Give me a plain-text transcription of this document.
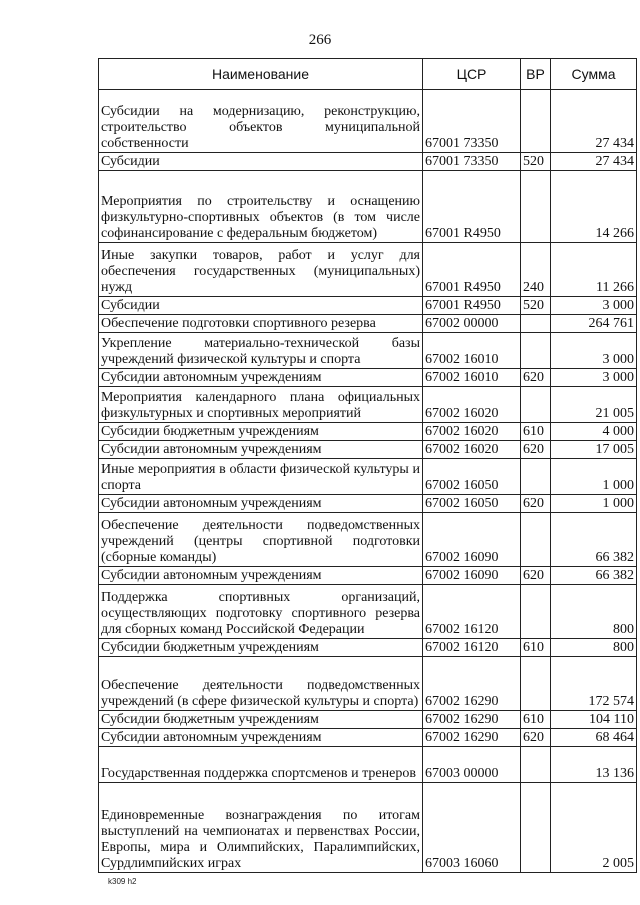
266
Наименование	ЦСР	ВР	Сумма
Субсидии на модернизацию, реконструкцию, строительство объектов муниципальной собственности	67001 73350		27 434
Субсидии	67001 73350	520	27 434
Мероприятия по строительству и оснащению физкультурно-спортивных объектов (в том числе софинансирование с федеральным бюджетом)	67001 R4950		14 266
Иные закупки товаров, работ и услуг для обеспечения государственных (муниципальных) нужд	67001 R4950	240	11 266
Субсидии	67001 R4950	520	3 000
Обеспечение подготовки спортивного резерва	67002 00000		264 761
Укрепление материально-технической базы учреждений физической культуры и спорта	67002 16010		3 000
Субсидии автономным учреждениям	67002 16010	620	3 000
Мероприятия календарного плана официальных физкультурных и спортивных мероприятий	67002 16020		21 005
Субсидии бюджетным учреждениям	67002 16020	610	4 000
Субсидии автономным учреждениям	67002 16020	620	17 005
Иные мероприятия в области физической культуры и спорта	67002 16050		1 000
Субсидии автономным учреждениям	67002 16050	620	1 000
Обеспечение деятельности подведомственных учреждений (центры спортивной подготовки (сборные команды)	67002 16090		66 382
Субсидии автономным учреждениям	67002 16090	620	66 382
Поддержка спортивных организаций, осуществляющих подготовку спортивного резерва для сборных команд Российской Федерации	67002 16120		800
Субсидии бюджетным учреждениям	67002 16120	610	800
Обеспечение деятельности подведомственных учреждений (в сфере физической культуры и спорта)	67002 16290		172 574
Субсидии бюджетным учреждениям	67002 16290	610	104 110
Субсидии автономным учреждениям	67002 16290	620	68 464
Государственная поддержка спортсменов и тренеров	67003 00000		13 136
Единовременные вознаграждения по итогам выступлений на чемпионатах и первенствах России, Европы, мира и Олимпийских, Паралимпийских, Сурдлимпийских играх	67003 16060		2 005
k309 h2
